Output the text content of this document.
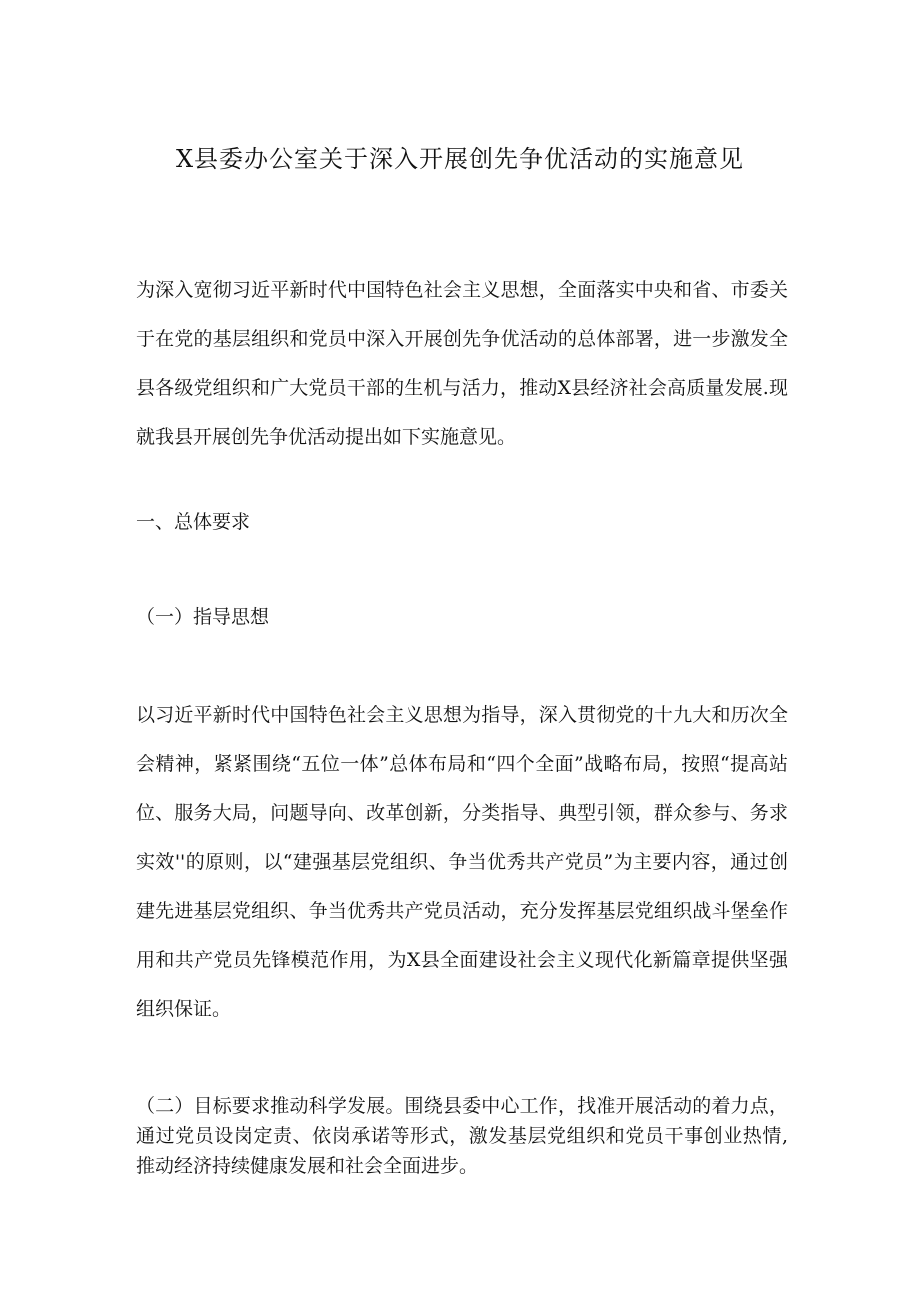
X县委办公室关于深入开展创先争优活动的实施意见

为深入宽彻习近平新时代中国特色社会主义思想，全面落实中央和省、市委关于在党的基层组织和党员中深入开展创先争优活动的总体部署，进一步激发全县各级党组织和广大党员干部的生机与活力，推动X县经济社会高质量发展.现就我县开展创先争优活动提出如下实施意见。

一、总体要求

（一）指导思想

以习近平新时代中国特色社会主义思想为指导，深入贯彻党的十九大和历次全会精神，紧紧围绕“五位一体”总体布局和“四个全面”战略布局，按照“提高站位、服务大局，问题导向、改革创新，分类指导、典型引领，群众参与、务求实效''的原则，以“建强基层党组织、争当优秀共产党员”为主要内容，通过创建先进基层党组织、争当优秀共产党员活动，充分发挥基层党组织战斗堡垒作用和共产党员先锋模范作用，为X县全面建设社会主义现代化新篇章提供坚强组织保证。

（二）目标要求推动科学发展。围绕县委中心工作，找准开展活动的着力点，通过党员设岗定责、依岗承诺等形式，激发基层党组织和党员干事创业热情,推动经济持续健康发展和社会全面进步。
